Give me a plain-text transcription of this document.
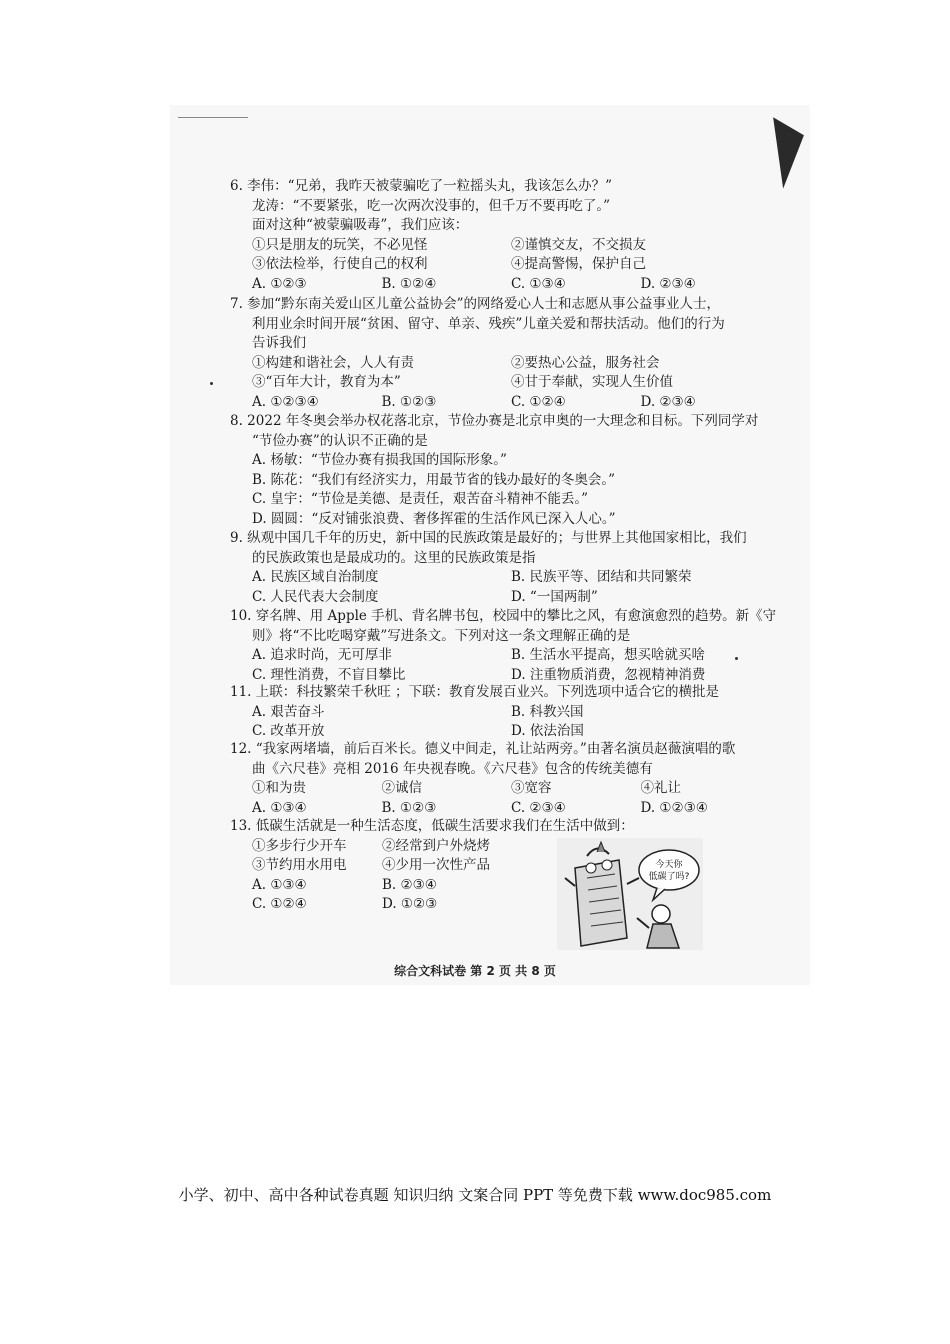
6. 李伟：“兄弟，我昨天被蒙骗吃了一粒摇头丸，我该怎么办？”
龙涛：“不要紧张，吃一次两次没事的，但千万不要再吃了。”
面对这种“被蒙骗吸毒”，我们应该：
①只是朋友的玩笑，不必见怪	②谨慎交友，不交损友
③依法检举，行使自己的权利	④提高警惕，保护自己
A. ①②③	B. ①②④	C. ①③④	D. ②③④
7. 参加“黔东南关爱山区儿童公益协会”的网络爱心人士和志愿从事公益事业人士，
利用业余时间开展“贫困、留守、单亲、残疾”儿童关爱和帮扶活动。他们的行为
告诉我们
①构建和谐社会，人人有责	②要热心公益，服务社会
③“百年大计，教育为本”	④甘于奉献，实现人生价值
A. ①②③④	B. ①②③	C. ①②④	D. ②③④
8. 2022 年冬奥会举办权花落北京，节俭办赛是北京申奥的一大理念和目标。下列同学对
“节俭办赛”的认识不正确的是
A. 杨敏：“节俭办赛有损我国的国际形象。”
B. 陈花：“我们有经济实力，用最节省的钱办最好的冬奥会。”
C. 皇宇：“节俭是美德、是责任，艰苦奋斗精神不能丢。”
D. 圆圆：“反对铺张浪费、奢侈挥霍的生活作风已深入人心。”
9. 纵观中国几千年的历史，新中国的民族政策是最好的；与世界上其他国家相比，我们
的民族政策也是最成功的。这里的民族政策是指
A. 民族区域自治制度	B. 民族平等、团结和共同繁荣
C. 人民代表大会制度	D. “一国两制”
10. 穿名牌、用 Apple 手机、背名牌书包，校园中的攀比之风，有愈演愈烈的趋势。新《守
则》将“不比吃喝穿戴”写进条文。下列对这一条文理解正确的是
A. 追求时尚，无可厚非	B. 生活水平提高，想买啥就买啥
C. 理性消费，不盲目攀比	D. 注重物质消费，忽视精神消费
11. 上联：科技繁荣千秋旺 ；下联：教育发展百业兴。下列选项中适合它的横批是
A. 艰苦奋斗	B. 科教兴国
C. 改革开放	D. 依法治国
12. “我家两堵墙，前后百米长。德义中间走，礼让站两旁。”由著名演员赵薇演唱的歌
曲《六尺巷》亮相 2016 年央视春晚。《六尺巷》包含的传统美德有
①和为贵	②诚信	③宽容	④礼让
A. ①③④	B. ①②③	C. ②③④	D. ①②③④
13. 低碳生活就是一种生活态度，低碳生活要求我们在生活中做到：
①多步行少开车	②经常到户外烧烤
③节约用水用电	④少用一次性产品
A. ①③④	B. ②③④
C. ①②④	D. ①②③
今天你
低碳了吗?
综合文科试卷 第 2 页 共 8 页
小学、初中、高中各种试卷真题 知识归纳 文案合同 PPT 等免费下载 www.doc985.com
